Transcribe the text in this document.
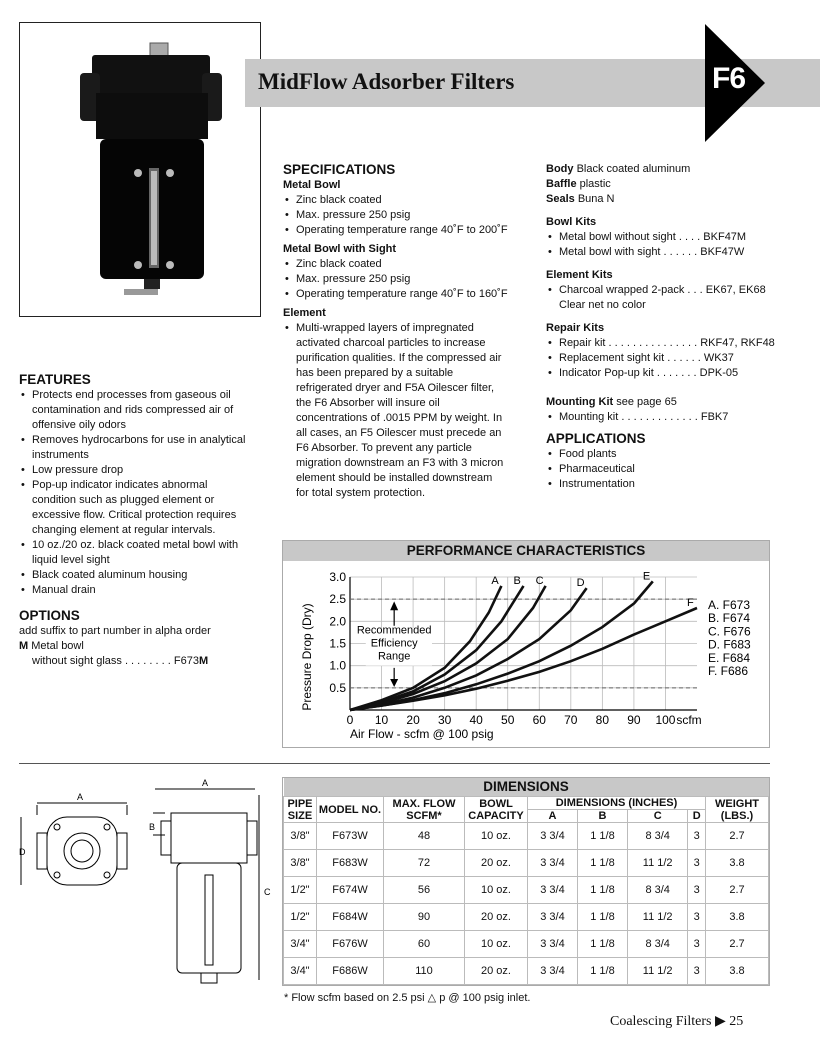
MidFlow Adsorber Filters	F6
FEATURES
• Protects end processes from gaseous oil contamination and rids compressed air of offensive oily odors
• Removes hydrocarbons for use in analytical instruments
• Low pressure drop
• Pop-up indicator indicates abnormal condition such as plugged element or excessive flow. Critical protection requires changing element at regular intervals.
• 10 oz./20 oz. black coated metal bowl with liquid level sight
• Black coated aluminum housing
• Manual drain
OPTIONS
add suffix to part number in alpha order
M Metal bowl
without sight glass . . . . . . . . F673M
SPECIFICATIONS
Metal Bowl
• Zinc black coated
• Max. pressure 250 psig
• Operating temperature range 40˚F to 200˚F
Metal Bowl with Sight
• Zinc black coated
• Max. pressure 250 psig
• Operating temperature range 40˚F to 160˚F
Element
• Multi-wrapped layers of impregnated activated charcoal particles to increase purification qualities. If the compressed air has been prepared by a suitable refrigerated dryer and F5A Oilescer filter, the F6 Absorber will insure oil concentrations of .0015 PPM by weight. In all cases, an F5 Oilescer must precede an F6 Absorber. To prevent any particle migration downstream an F3 with 3 micron element should be installed downstream for total system protection.
Body Black coated aluminum
Baffle plastic
Seals Buna N
Bowl Kits
• Metal bowl without sight . . . . BKF47M
• Metal bowl with sight . . . . . . BKF47W
Element Kits
• Charcoal wrapped 2-pack . . . EK67, EK68
Clear net no color
Repair Kits
• Repair kit . . . . . . . . . . . . . . . RKF47, RKF48
• Replacement sight kit . . . . . . WK37
• Indicator Pop-up kit . . . . . . . DPK-05
Mounting Kit see page 65
• Mounting kit . . . . . . . . . . . . . FBK7
APPLICATIONS
• Food plants
• Pharmaceutical
• Instrumentation
PERFORMANCE CHARACTERISTICS
Pressure Drop (Dry)
Air Flow - scfm @ 100 psig
0 10 20 30 40 50 60 70 80 90 100 scfm
3.0
2.5
2.0
1.5
1.0
0.5
Recommended
Efficiency
Range
A B C	D
E
F A. F673
B. F674
C. F676
D. F683
E. F684
F. F686
A
A
B
C
D
DIMENSIONS								
PIPE SIZE	MODEL NO.	MAX. FLOW SCFM*	BOWL CAPACITY	DIMENSIONS (INCHES)				WEIGHT (LBS.)
				A	B	C	D	
3/8"	F673W	48	10 oz.	3 3/4	1 1/8	8 3/4	3	2.7
3/8"	F683W	72	20 oz.	3 3/4	1 1/8	11 1/2	3	3.8
1/2"	F674W	56	10 oz.	3 3/4	1 1/8	8 3/4	3	2.7
1/2"	F684W	90	20 oz.	3 3/4	1 1/8	11 1/2	3	3.8
3/4"	F676W	60	10 oz.	3 3/4	1 1/8	8 3/4	3	2.7
3/4"	F686W	110	20 oz.	3 3/4	1 1/8	11 1/2	3	3.8
* Flow scfm based on 2.5 psi △ p @ 100 psig inlet.
Coalescing Filters ▶ 25
